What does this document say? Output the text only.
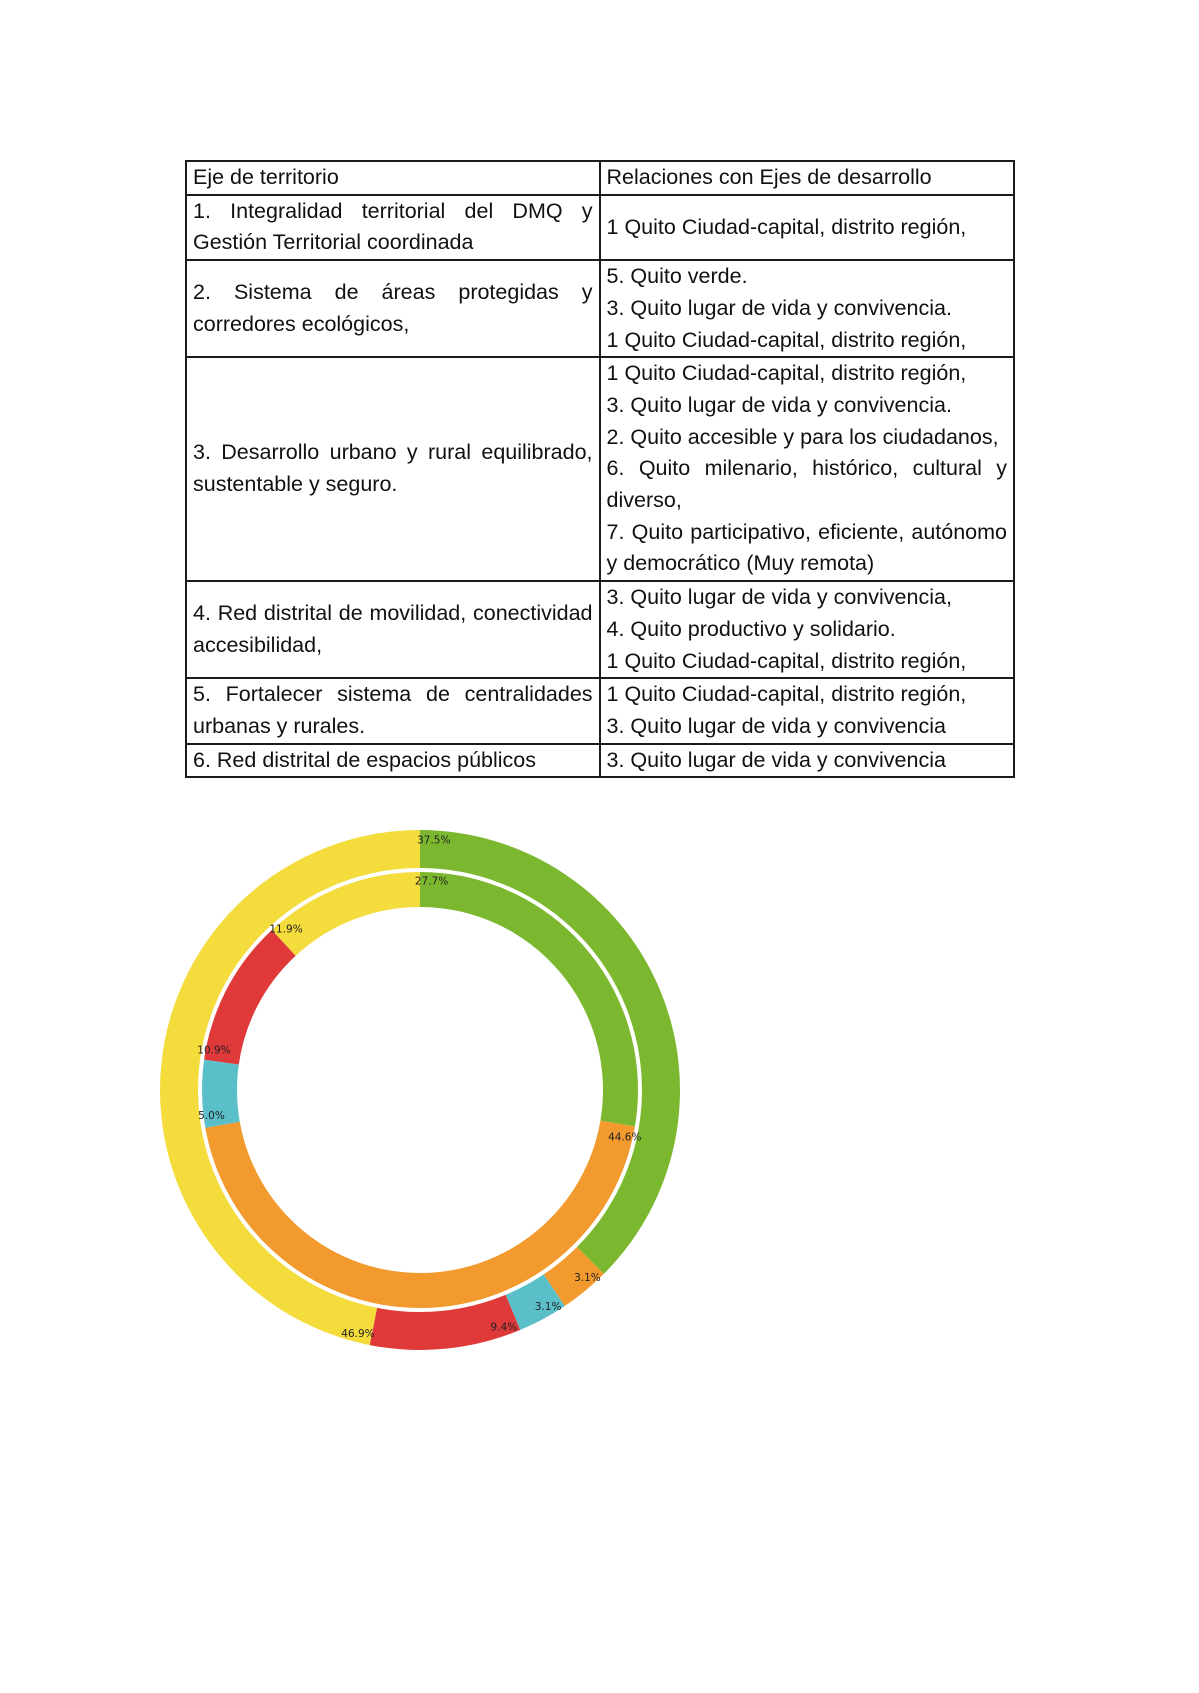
Eje de territorio	Relaciones con Ejes de desarrollo
1. Integralidad territorial del DMQ y Gestión Territorial coordinada	1 Quito Ciudad-capital, distrito región,

2. Sistema de áreas protegidas y corredores ecológicos,	5. Quito verde.
3. Quito lugar de vida y convivencia.
1 Quito Ciudad-capital, distrito región,

3. Desarrollo urbano y rural equilibrado, sustentable y seguro.	1 Quito Ciudad-capital, distrito región,
3. Quito lugar de vida y convivencia.
2. Quito accesible y para los ciudadanos,
6. Quito milenario, histórico, cultural y diverso,
7. Quito participativo, eficiente, autónomo y democrático (Muy remota)

4. Red distrital de movilidad, conectividad accesibilidad,	3. Quito lugar de vida y convivencia,
4. Quito productivo y solidario.
1 Quito Ciudad-capital, distrito región,

5. Fortalecer sistema de centralidades urbanas y rurales.	1 Quito Ciudad-capital, distrito región,
3. Quito lugar de vida y convivencia

6. Red distrital de espacios públicos	3. Quito lugar de vida y convivencia
37.5%
3.1%
3.1%
9.4%
46.9%
27.7%
44.6%
5.0%
10.9%
11.9%
